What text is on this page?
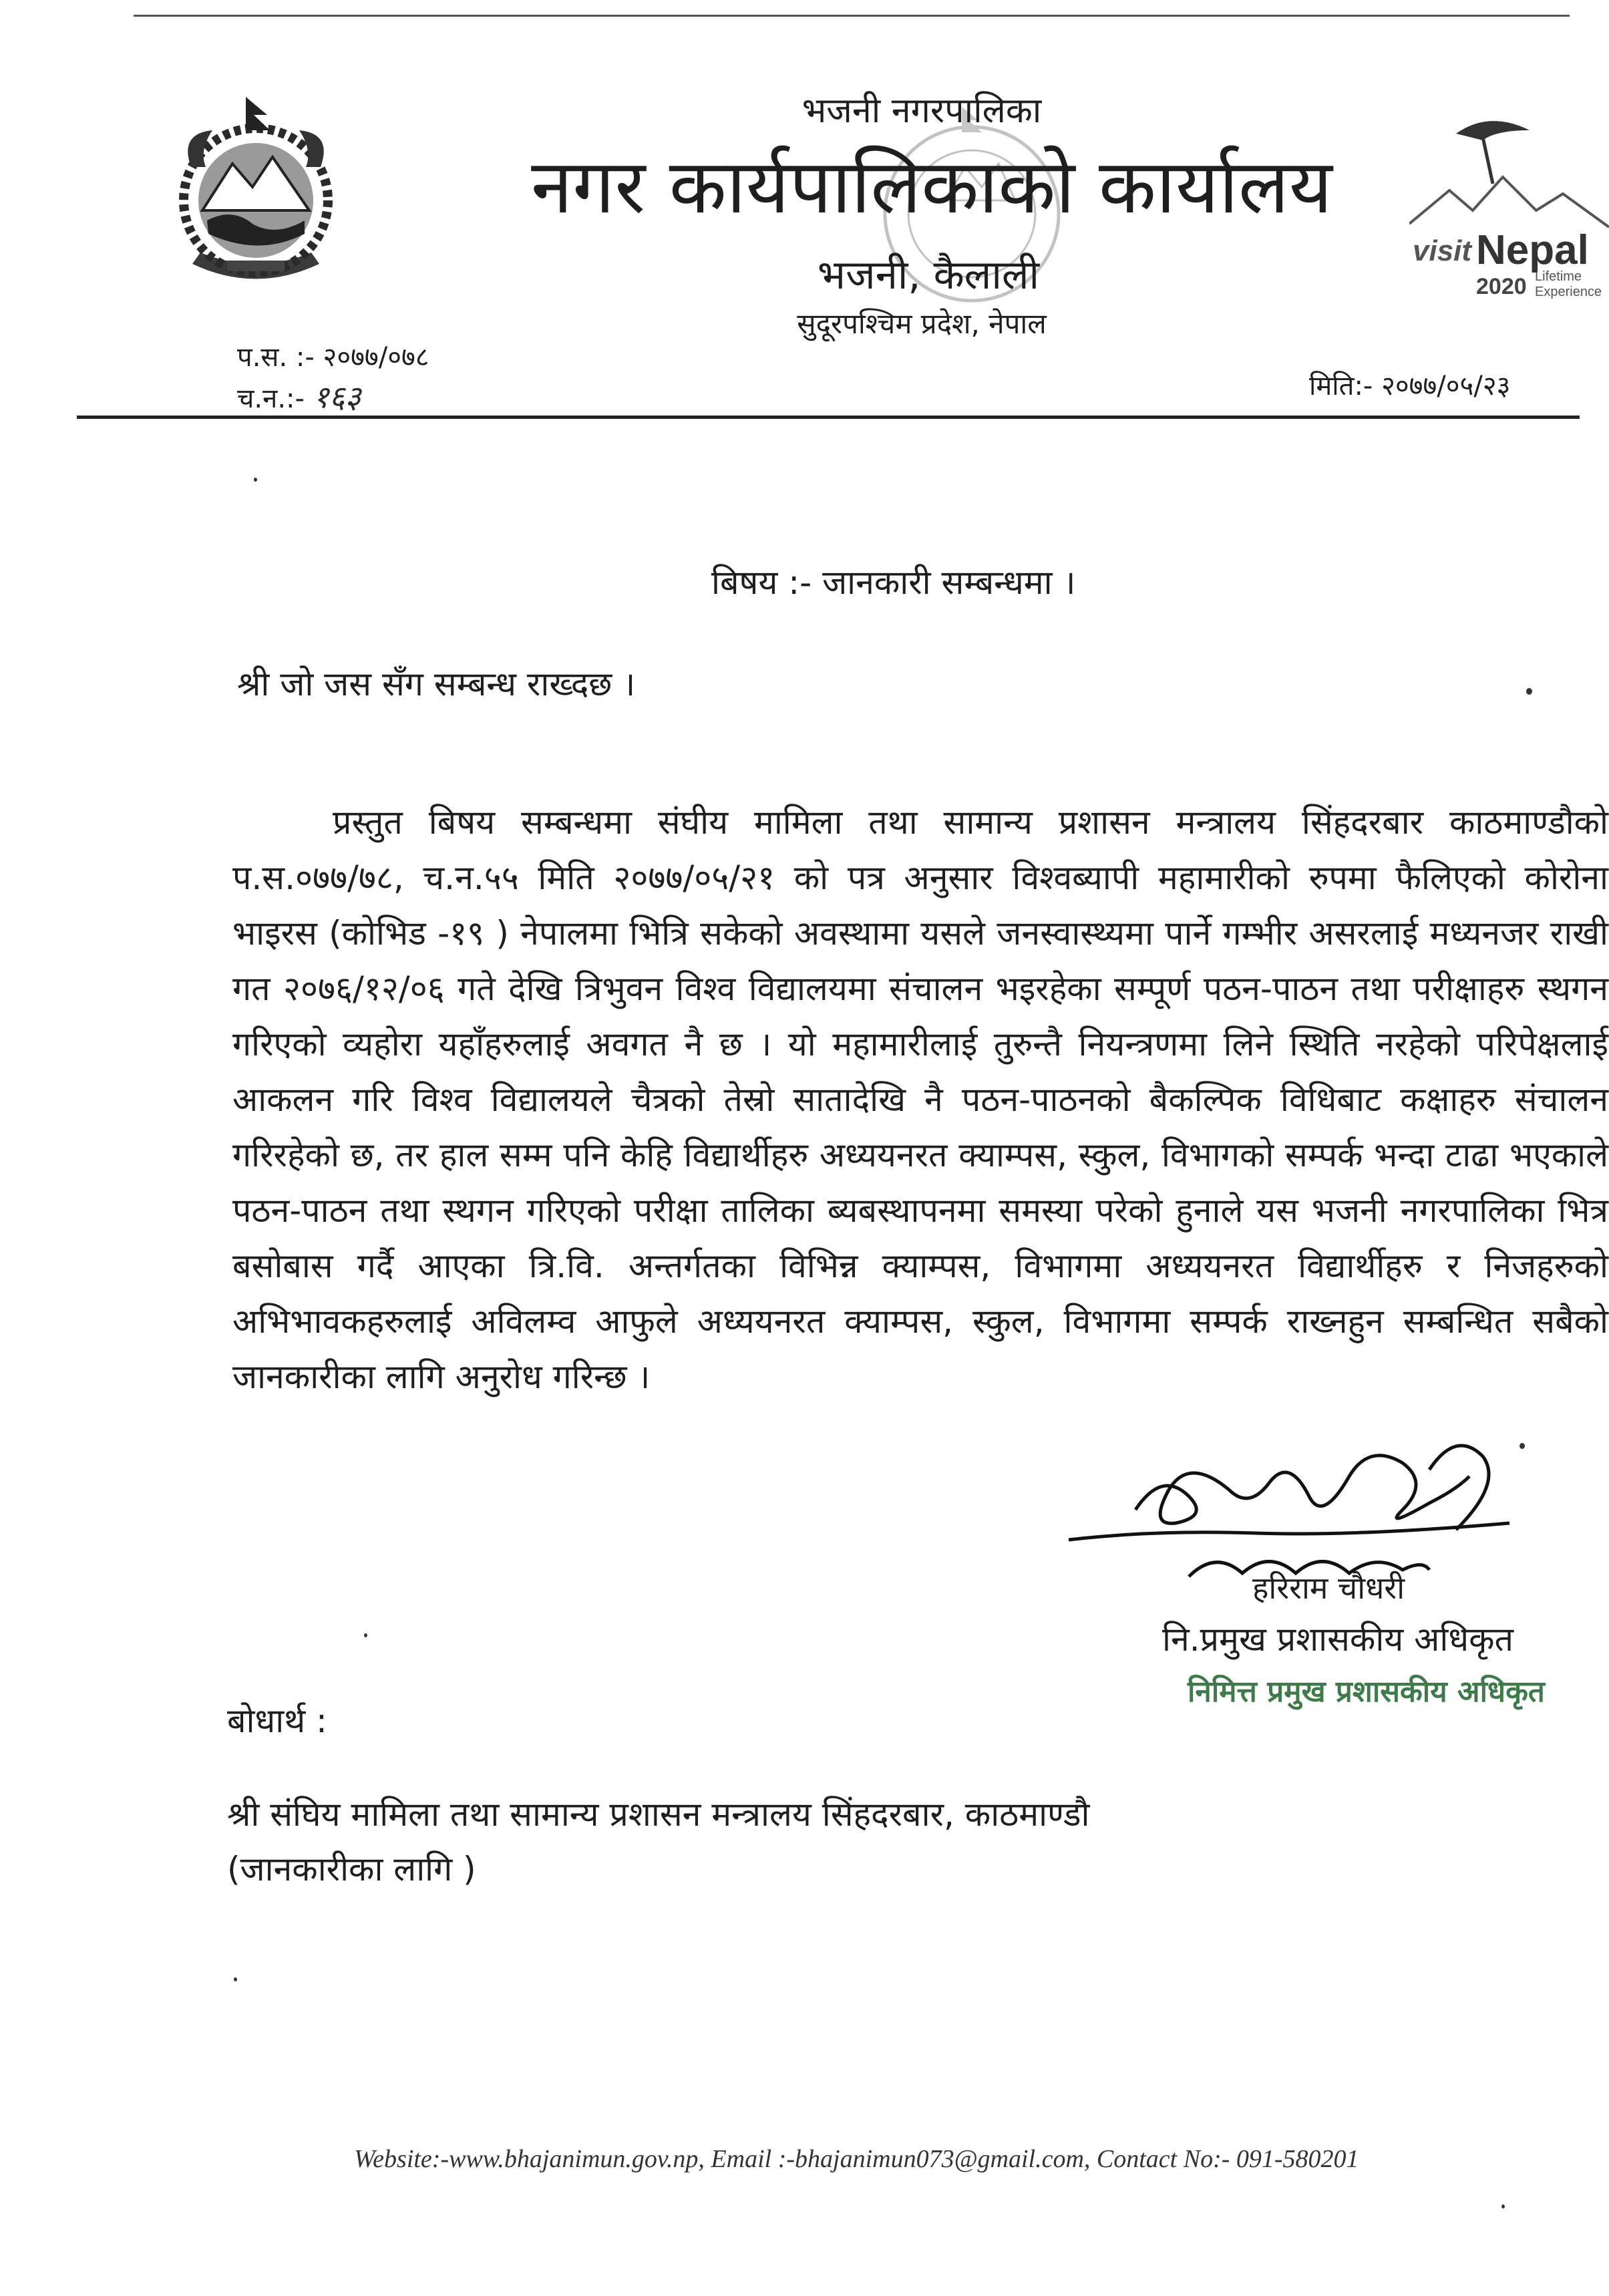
भजनी नगरपालिका
नगर कार्यपालिकाको कार्यालय
भजनी, कैलाली
सुदूरपश्चिम प्रदेश, नेपाल
visit Nepal
2020 Lifetime
Experience
प.स. :- २०७७/०७८
च.न.:- १६३	मिति:- २०७७/०५/२३
बिषय :- जानकारी सम्बन्धमा ।
श्री जो जस सँग सम्बन्ध राख्दछ ।

प्रस्तुत बिषय सम्बन्धमा संघीय मामिला तथा सामान्य प्रशासन मन्त्रालय सिंहदरबार काठमाण्डौको प.स.०७७/७८, च.न.५५ मिति २०७७/०५/२१ को पत्र अनुसार विश्वब्यापी महामारीको रुपमा फैलिएको कोरोना भाइरस (कोभिड -१९ ) नेपालमा भित्रि सकेको अवस्थामा यसले जनस्वास्थ्यमा पार्ने गम्भीर असरलाई मध्यनजर राखी गत २०७६/१२/०६ गते देखि त्रिभुवन विश्व विद्यालयमा संचालन भइरहेका सम्पूर्ण पठन-पाठन तथा परीक्षाहरु स्थगन गरिएको व्यहोरा यहाँहरुलाई अवगत नै छ । यो महामारीलाई तुरुन्तै नियन्त्रणमा लिने स्थिति नरहेको परिपेक्षलाई आकलन गरि विश्व विद्यालयले चैत्रको तेस्रो सातादेखि नै पठन-पाठनको बैकल्पिक विधिबाट कक्षाहरु संचालन गरिरहेको छ, तर हाल सम्म पनि केहि विद्यार्थीहरु अध्ययनरत क्याम्पस, स्कुल, विभागको सम्पर्क भन्दा टाढा भएकाले पठन-पाठन तथा स्थगन गरिएको परीक्षा तालिका ब्यबस्थापनमा समस्या परेको हुनाले यस भजनी नगरपालिका भित्र बसोबास गर्दै आएका त्रि.वि. अन्तर्गतका विभिन्न क्याम्पस, विभागमा अध्ययनरत विद्यार्थीहरु र निजहरुको अभिभावकहरुलाई अविलम्व आफुले अध्ययनरत क्याम्पस, स्कुल, विभागमा सम्पर्क राख्नहुन सम्बन्धित सबैको जानकारीका लागि अनुरोध गरिन्छ ।

हरिराम चौधरी
नि.प्रमुख प्रशासकीय अधिकृत
निमित्त प्रमुख प्रशासकीय अधिकृत
बोधार्थ :
श्री संघिय मामिला तथा सामान्य प्रशासन मन्त्रालय सिंहदरबार, काठमाण्डौ
(जानकारीका लागि )
Website:-www.bhajanimun.gov.np, Email :-bhajanimun073@gmail.com, Contact No:- 091-580201
